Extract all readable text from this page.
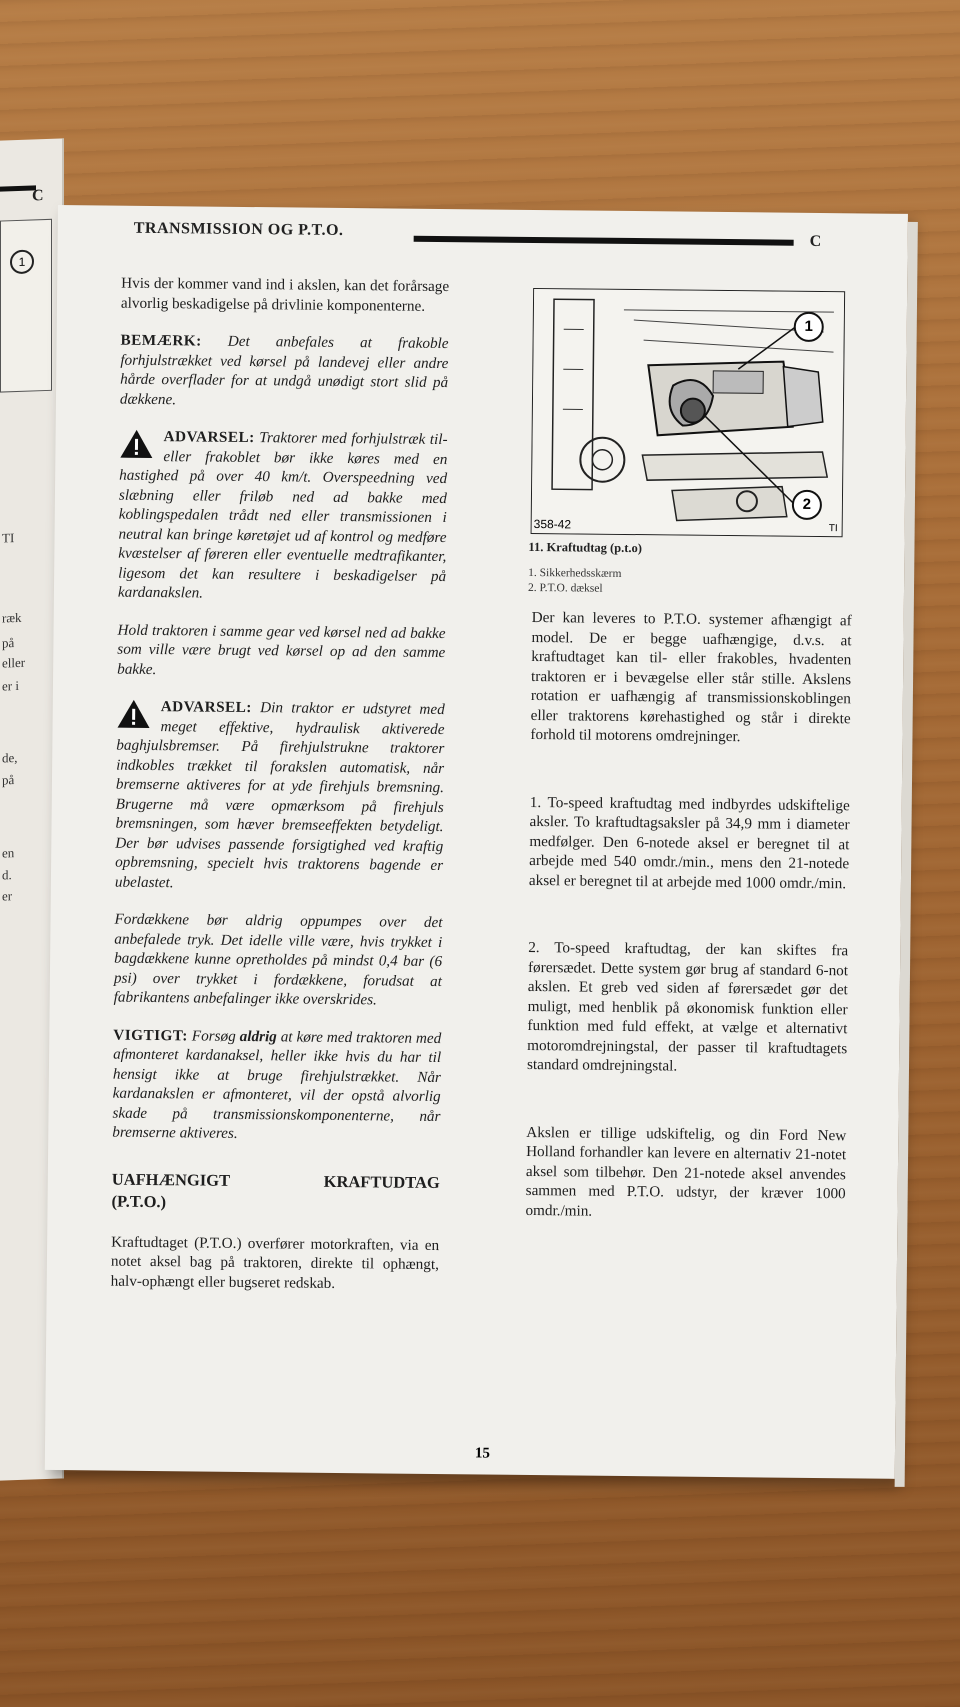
C
1
TI
ræk
på
eller
er i
de,
på
en
d.
er
TRANSMISSION OG P.T.O.
C

Hvis der kommer vand ind i akslen, kan det forårsage alvorlig beskadigelse på drivlinie komponenterne.

BEMÆRK: Det anbefales at frakoble forhjulstrækket ved kørsel på landevej eller andre hårde overflader for at undgå unødigt stort slid på dækkene.

ADVARSEL: Traktorer med forhjulstræk til- eller frakoblet bør ikke køres med en hastighed på over 40 km/t. Overspeedning ved slæbning eller friløb ned ad bakke med koblingspedalen trådt ned eller transmissionen i neutral kan bringe køretøjet ud af kontrol og medføre kvæstelser af føreren eller eventuelle medtrafikanter, ligesom det kan resultere i beskadigelser på kardanakslen.

Hold traktoren i samme gear ved kørsel ned ad bakke som ville være brugt ved kørsel op ad den samme bakke.

ADVARSEL: Din traktor er udstyret med meget effektive, hydraulisk aktiverede baghjulsbremser. På firehjulstrukne traktorer indkobles trækket til forakslen automatisk, når bremserne aktiveres for at yde firehjuls bremsning. Brugerne må være opmærksom på firehjuls bremsningen, som hæver bremseeffekten betydeligt. Der bør udvises passende forsigtighed ved kraftig opbremsning, specielt hvis traktorens bagende er ubelastet.

Fordækkene bør aldrig oppumpes over det anbefalede tryk. Det idelle ville være, hvis trykket i bagdækkene kunne opretholdes på mindst 0,4 bar (6 psi) over trykket i fordækkene, forudsat at fabrikantens anbefalinger ikke overskrides.

VIGTIGT: Forsøg aldrig at køre med traktoren med afmonteret kardanaksel, heller ikke hvis du har til hensigt ikke at bruge firehjulstrækket. Når kardanakslen er afmonteret, vil der opstå alvorlig skade på transmissionskomponenterne, når bremserne aktiveres.

UAFHÆNGIGT
(P.T.O.)
KRAFTUDTAG

Kraftudtaget (P.T.O.) overfører motorkraften, via en notet aksel bag på traktoren, direkte til ophængt, halv-ophængt eller bugseret redskab.

1
2
358-42	TI
11. Kraftudtag (p.t.o)
1. Sikkerhedsskærm
2. P.T.O. dæksel

Der kan leveres to P.T.O. systemer afhængigt af model. De er begge uafhængige, d.v.s. at kraftudtaget kan til- eller frakobles, hvadenten traktoren er i bevægelse eller står stille. Akslens rotation er uafhængig af transmissionskoblingen eller traktorens kørehastighed og står i direkte forhold til motorens omdrejninger.

1. To-speed kraftudtag med indbyrdes udskiftelige aksler. To kraftudtagsaksler på 34,9 mm i diameter medfølger. Den 6-notede aksel er beregnet til at arbejde med 540 omdr./min., mens den 21-notede aksel er beregnet til at arbejde med 1000 omdr./min.

2. To-speed kraftudtag, der kan skiftes fra førersædet. Dette system gør brug af standard 6-not akslen. Et greb ved siden af førersædet gør det muligt, med henblik på økonomisk funktion eller funktion med fuld effekt, at vælge et alternativt motoromdrejningstal, der passer til kraftudtagets standard omdrejningstal.

Akslen er tillige udskiftelig, og din Ford New Holland forhandler kan levere en alternativ 21-notet aksel som tilbehør. Den 21-notede aksel anvendes sammen med P.T.O. udstyr, der kræver 1000 omdr./min.

15
